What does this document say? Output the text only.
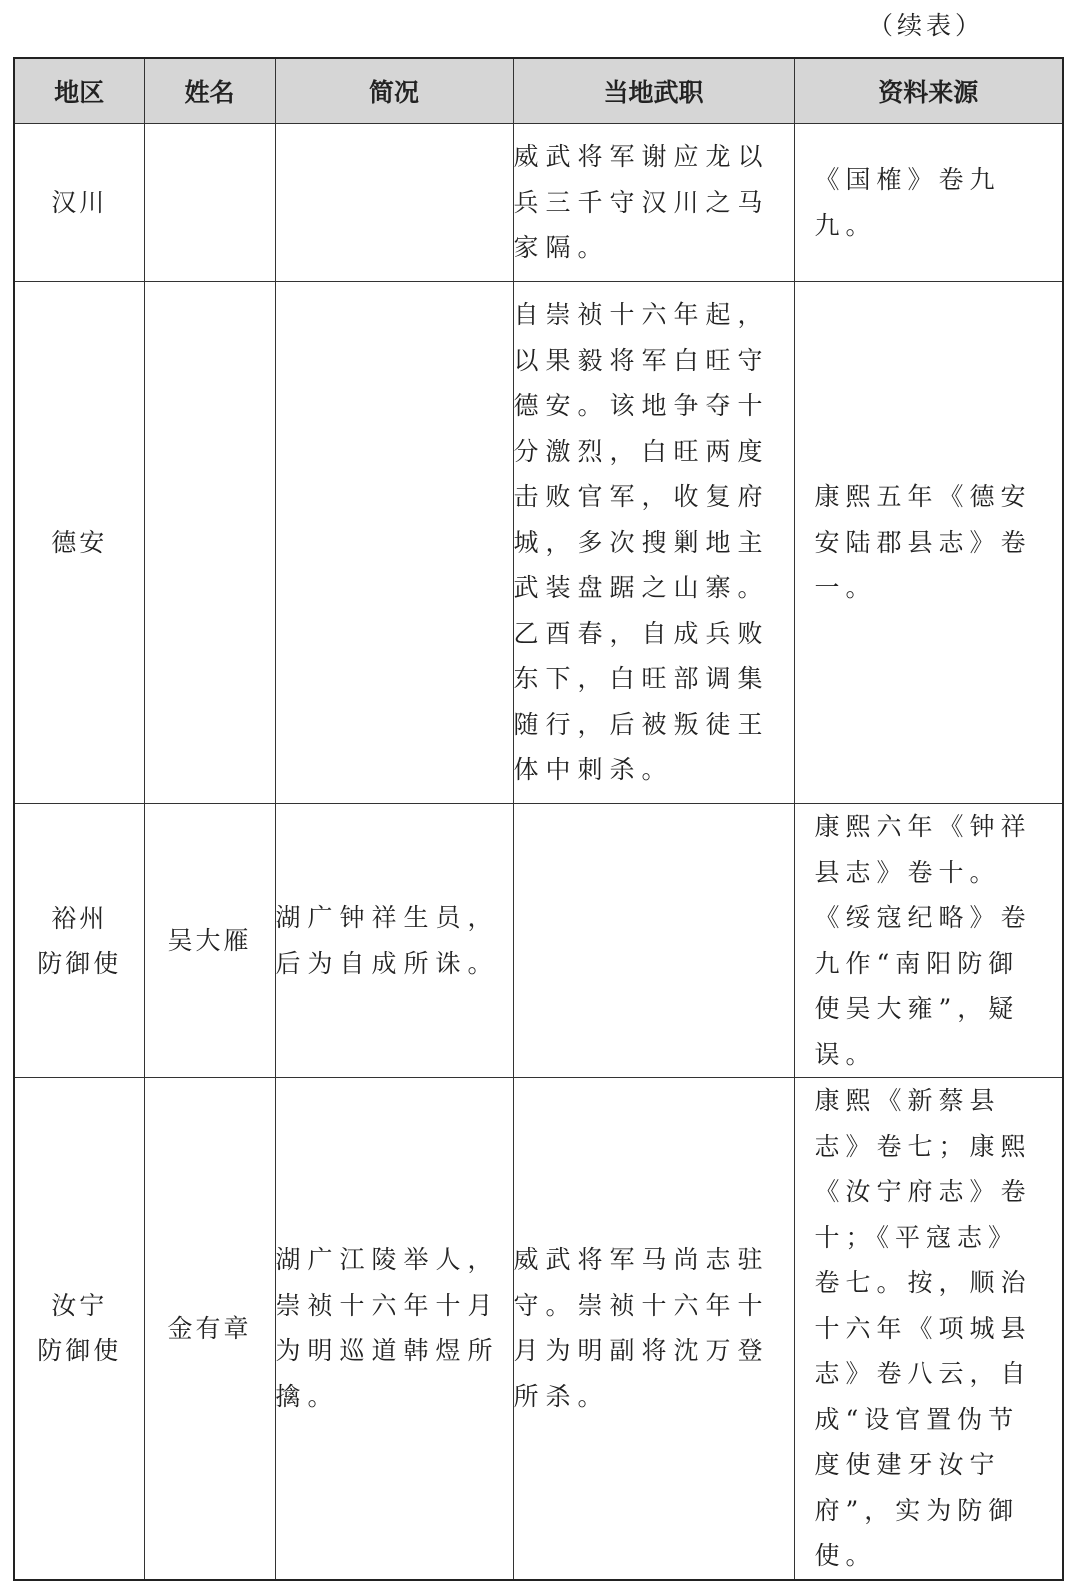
（续表）
地区	姓名	简况	当地武职	资料来源

汉川			威武将军谢应龙以兵三千守汉川之马家隔。	《国榷》卷九九。

德安			自崇祯十六年起，以果毅将军白旺守德安。该地争夺十分激烈，白旺两度击败官军，收复府城，多次搜剿地主武装盘踞之山寨。乙酉春，自成兵败东下，白旺部调集随行，后被叛徒王体中刺杀。	康熙五年《德安安陆郡县志》卷一。

裕州
防御使	吴大雁	湖广钟祥生员，后为自成所诛。		康熙六年《钟祥县志》卷十。《绥寇纪略》卷九作“南阳防御使吴大雍”，疑误。

汝宁
防御使	金有章	湖广江陵举人，崇祯十六年十月为明巡道韩煜所擒。	威武将军马尚志驻守。崇祯十六年十月为明副将沈万登所杀。	康熙《新蔡县志》卷七；康熙《汝宁府志》卷十；《平寇志》卷七。按，顺治十六年《项城县志》卷八云，自成“设官置伪节度使建牙汝宁府”，实为防御使。
